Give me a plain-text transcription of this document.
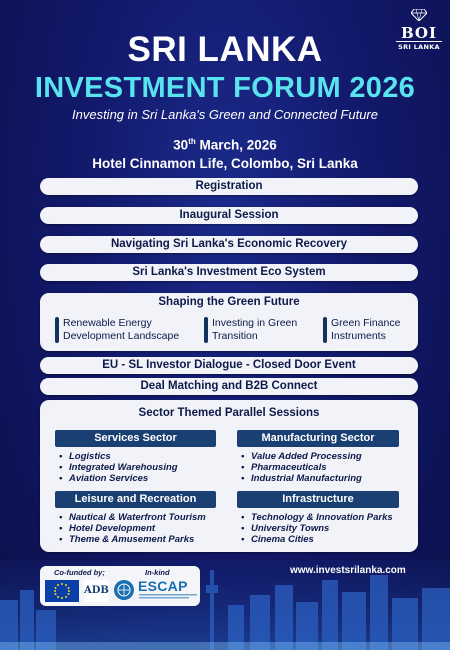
BOI
SRI LANKA
SRI LANKA
INVESTMENT FORUM 2026
Investing in Sri Lanka's Green and Connected Future
30th March, 2026
Hotel Cinnamon Life, Colombo, Sri Lanka
Registration
Inaugural Session
Navigating Sri Lanka's Economic Recovery
Sri Lanka's Investment Eco System
Shaping the Green Future
Renewable Energy
Development Landscape
Investing in Green
Transition
Green Finance
Instruments
EU - SL Investor Dialogue - Closed Door Event
Deal Matching and B2B Connect
Sector Themed Parallel Sessions
Services Sector
• Logistics
• Integrated Warehousing
• Aviation Services
Manufacturing Sector
• Value Added Processing
• Pharmaceuticals
• Industrial Manufacturing
Leisure and Recreation
• Nautical & Waterfront Tourism
• Hotel Development
• Theme & Amusement Parks
Infrastructure
• Technology & Innovation Parks
• University Towns
• Cinema Cities
www.investsrilanka.com
Co-funded by;	In-kind
ADB ESCAP
